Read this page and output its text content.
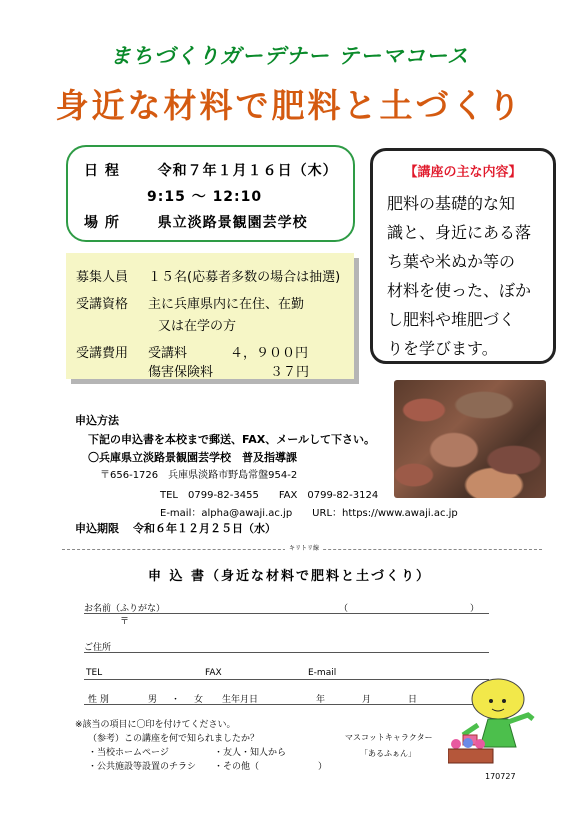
まちづくりガーデナー テーマコース
身近な材料で肥料と土づくり
日 程	令和７年１月１６日（木）
9:15 ～ 12:10
場 所	県立淡路景観園芸学校
【講座の主な内容】
肥料の基礎的な知
識と、身近にある落
ち葉や米ぬか等の
材料を使った、ぼか
し肥料や堆肥づく
りを学びます。
募集人員 １５名(応募者多数の場合は抽選)
受講資格 主に兵庫県内に在住、在勤
又は在学の方
受講費用 受講料	４，９００円
傷害保険料	３７円
申込方法
下記の申込書を本校まで郵送、FAX、メールして下さい。
〇兵庫県立淡路景観園芸学校　普及指導課
〒656-1726　兵庫県淡路市野島常盤954-2
TEL　0799-82-3455　　FAX　0799-82-3124
E-mail：alpha@awaji.ac.jp　　URL：https://www.awaji.ac.jp
申込期限 令和６年１２月２５日（水）
キリトリ線
申 込 書（身近な材料で肥料と土づくり）
お名前（ふりがな）	（	）
〒
ご住所
TEL	FAX	E-mail
性 別	男 ・ 女 生年月日	年	月	日
※該当の項目に〇印を付けてください。
（参考）この講座を何で知られましたか？
・当校ホームページ	・友人・知人から
・公共施設等設置のチラシ ・その他（	）
マスコットキャラクター
「あるふぁん」
170727
